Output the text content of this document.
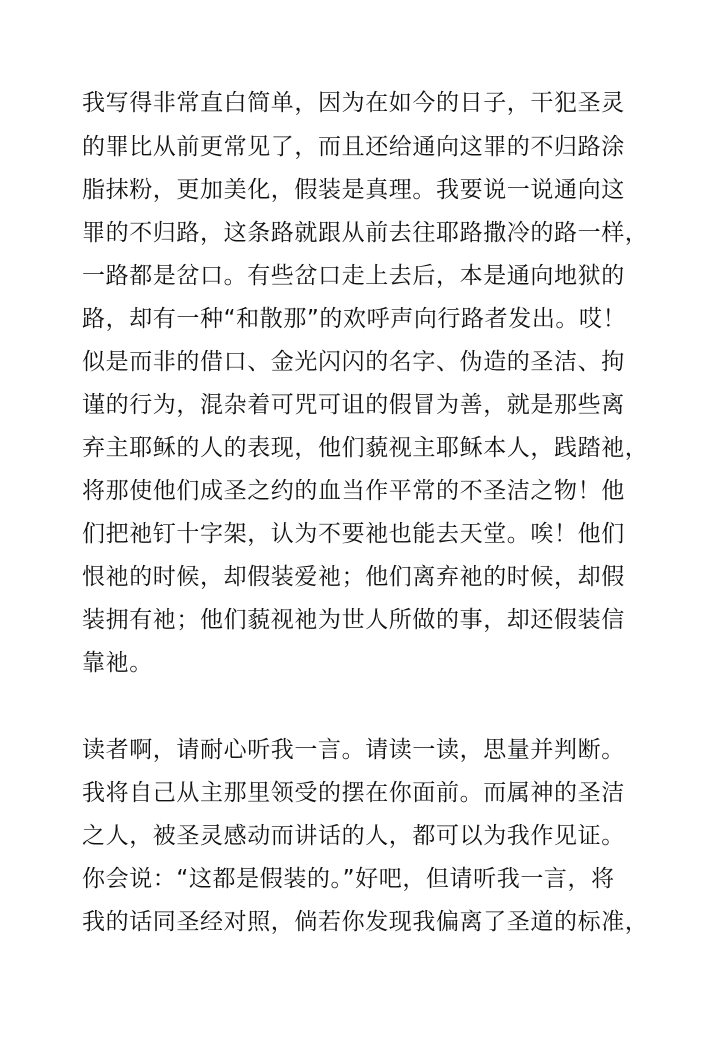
我写得非常直白简单，因为在如今的日子，干犯圣灵
的罪比从前更常见了，而且还给通向这罪的不归路涂
脂抹粉，更加美化，假装是真理。我要说一说通向这
罪的不归路，这条路就跟从前去往耶路撒冷的路一样，
一路都是岔口。有些岔口走上去后，本是通向地狱的
路，却有一种“和散那”的欢呼声向行路者发出。哎！
似是而非的借口、金光闪闪的名字、伪造的圣洁、拘
谨的行为，混杂着可咒可诅的假冒为善，就是那些离
弃主耶稣的人的表现，他们藐视主耶稣本人，践踏祂，
将那使他们成圣之约的血当作平常的不圣洁之物！他
们把祂钉十字架，认为不要祂也能去天堂。唉！他们
恨祂的时候，却假装爱祂；他们离弃祂的时候，却假
装拥有祂；他们藐视祂为世人所做的事，却还假装信
靠祂。
读者啊，请耐心听我一言。请读一读，思量并判断。
我将自己从主那里领受的摆在你面前。而属神的圣洁
之人，被圣灵感动而讲话的人，都可以为我作见证。
你会说：“这都是假装的。”好吧，但请听我一言，将
我的话同圣经对照，倘若你发现我偏离了圣道的标准，
